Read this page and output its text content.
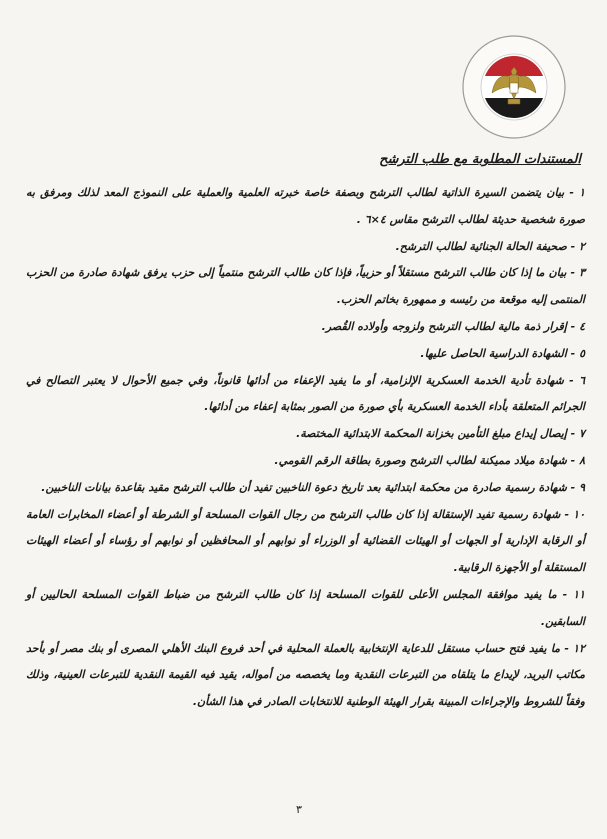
المستندات المطلوبة مع طلب الترشح

١ - بيان يتضمن السيرة الذاتية لطالب الترشح وبصفة خاصة خبرته العلمية والعملية على النموذج المعد لذلك ومرفق به صورة شخصية حديثة لطالب الترشح مقاس ٤×٦ .

٢ - صحيفة الحالة الجنائية لطالب الترشح.

٣ - بيان ما إذا كان طالب الترشح مستقلاً أو حزبياً، فإذا كان طالب الترشح منتمياً إلى حزب يرفق شهادة صادرة من الحزب المنتمى إليه موقعة من رئيسه و ممهورة بخاتم الحزب.

٤ - إقرار ذمة مالية لطالب الترشح ولزوجه وأولاده القُصر.

٥ - الشهادة الدراسية الحاصل عليها.

٦ - شهادة تأدية الخدمة العسكرية الإلزامية، أو ما يفيد الإعفاء من أدائها قانوناً، وفي جميع الأحوال لا يعتبر التصالح في الجرائم المتعلقة بأداء الخدمة العسكرية بأي صورة من الصور بمثابة إعفاء من أدائها.

٧ - إيصال إيداع مبلغ التأمين بخزانة المحكمة الابتدائية المختصة.

٨ - شهادة ميلاد مميكنة لطالب الترشح وصورة بطاقة الرقم القومي.

٩ - شهادة رسمية صادرة من محكمة ابتدائية بعد تاريخ دعوة الناخبين تفيد أن طالب الترشح مقيد بقاعدة بيانات الناخبين.

١٠ - شهادة رسمية تفيد الإستقالة إذا كان طالب الترشح من رجال القوات المسلحة أو الشرطة أو أعضاء المخابرات العامة أو الرقابة الإدارية أو الجهات أو الهيئات القضائية أو الوزراء أو نوابهم أو المحافظين أو نوابهم أو رؤساء أو أعضاء الهيئات المستقلة أو الأجهزة الرقابية.

١١ - ما يفيد موافقة المجلس الأعلى للقوات المسلحة إذا كان طالب الترشح من ضباط القوات المسلحة الحاليين أو السابقين.

١٢ - ما يفيد فتح حساب مستقل للدعاية الإنتخابية بالعملة المحلية في أحد فروع البنك الأهلي المصرى أو بنك مصر أو بأحد مكاتب البريد، لإيداع ما يتلقاه من التبرعات النقدية وما يخصصه من أمواله، يقيد فيه القيمة النقدية للتبرعات العينية، وذلك وفقاً للشروط والإجراءات المبينة بقرار الهيئة الوطنية للانتخابات الصادر في هذا الشأن.

٣
